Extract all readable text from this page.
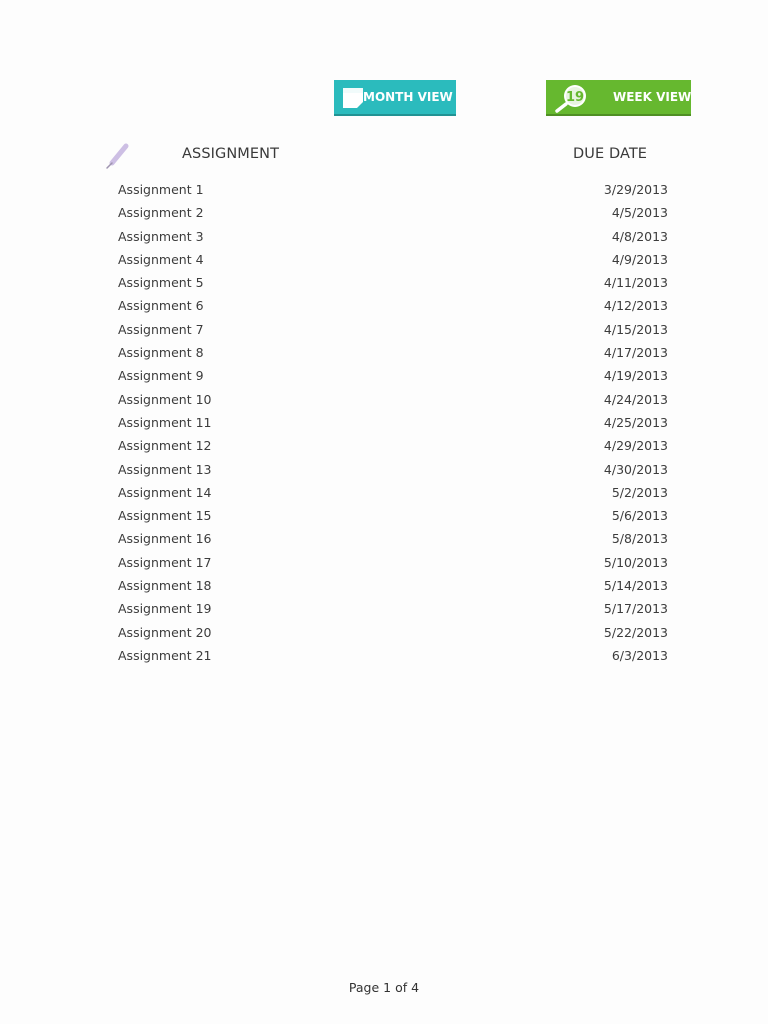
MONTH VIEW	19 WEEK VIEW
ASSIGNMENT	DUE DATE
Assignment 1	3/29/2013
Assignment 2	4/5/2013
Assignment 3	4/8/2013
Assignment 4	4/9/2013
Assignment 5	4/11/2013
Assignment 6	4/12/2013
Assignment 7	4/15/2013
Assignment 8	4/17/2013
Assignment 9	4/19/2013
Assignment 10	4/24/2013
Assignment 11	4/25/2013
Assignment 12	4/29/2013
Assignment 13	4/30/2013
Assignment 14	5/2/2013
Assignment 15	5/6/2013
Assignment 16	5/8/2013
Assignment 17	5/10/2013
Assignment 18	5/14/2013
Assignment 19	5/17/2013
Assignment 20	5/22/2013
Assignment 21	6/3/2013
Page 1 of 4
